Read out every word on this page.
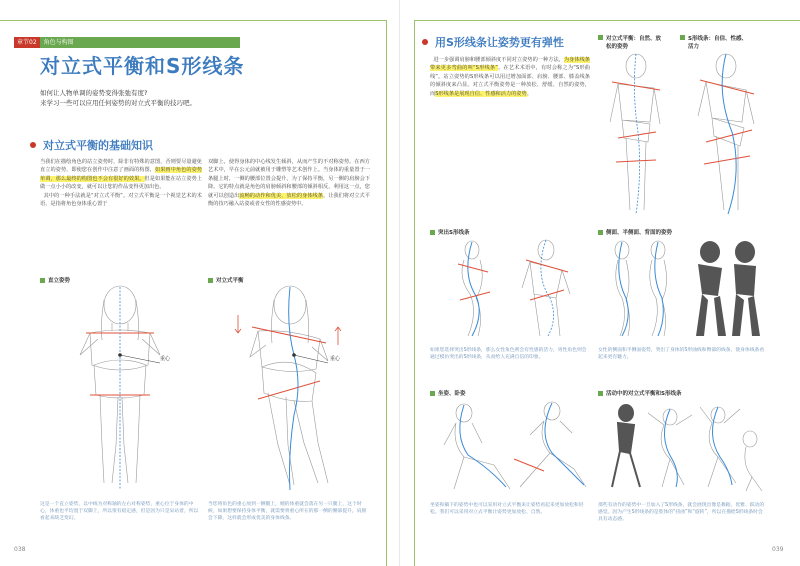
章节02	角色与构图
对立式平衡和S形线条
如何让人物单调的姿势变得张弛有度?
来学习一些可以应用任何姿势的对立式平衡的技巧吧。
对立式平衡的基础知识
当我们在描绘角色的站立姿势时，除非有特殊的意图，否则要尽量避免直立的姿势，即使您在创作中注意了画面的构图，如果画中角色的姿势单调，那么最终的构图也不会有很好的效果。但是如果能在站立姿势上做一点小小的改变，就可以让您的作品变得更加出色。
其中的一种手法就是“对立式平衡”。对立式平衡是一个视觉艺术的术语，是指将角色身体重心置于
双脚上，使得身体的中心线发生倾斜，从而产生的不对称姿势。在西方艺术中，早在公元前就被用于雕塑等艺术创作上。当身体的重量置于一条腿上时，一侧的腰部位置会提升，为了保持平衡，另一侧的肩膀会下降。它的特点就是角色的肩膀倾斜和腰部的倾斜相反，利用这一点，您就可以创造出流畅的动作和优美、放松的身体线条。让我们将对立式平衡的技巧融入站姿或者女性的性感姿势中。
直立姿势	对立式平衡
重心	重心
这是一个直立姿势，以中线为对称轴的左右对称姿势，重心位于身体的中心，体重也平均置于双脚上，所以很有稳定感，但是因为只是呆站着，所以看起来缺乏变幻。
当您将角色的重心放到一侧腿上，她的体重就会落在另一只腿上，这个时候，如果想要保持身体平衡，就需要将重心所在的那一侧的腰部提升，肩膀会下降，这样就会形成优美的身体线条。
038
用S形线条让姿势更有弹性
进一步强调肩膀和腰部倾斜度不同对立姿势的一种方法，为身体线条带来更多弯曲的叫“S形线条”。在艺术术语中，有时会称之为“S形曲线”。站立姿势的S形线条可以用过增加面部、肩膀、腰部、膝盖线条的倾斜度来凸显。对立式平衡姿势是一种放松、舒缓、自然的姿势，而S形线条是展现自信、性感和活力的姿势。
对立式平衡：自然、放松的姿势
S形线条：自信、性感、活力
突出S形线条	侧面、半侧面、背面的姿势
如果您选择突出S形线条，那么女性角色则会有性感的活力，男性角色则会通过模仿突出的S形线条，从而给人充满自信的印象。
女性的侧面和半侧面姿势，突出了身体的S形曲线和臀部的线条，使身体线条看起来更有魅力。
坐姿、卧姿	活动中的对立式平衡和S形线条
坐姿和躺下的姿势中也可以采用对立式平衡来让姿势看起来更加放松和轻松。我们可以采用对立式平衡让姿势更加放松、自然。
那些有动作的姿势中一旦加入了S形线条，就会展现出像是舞蹈，优雅、跃动的感觉。因为产生S形线条的是肢体的“扭曲”和“旋转”，所以在描绘S形线条时会具有动态感。
039
